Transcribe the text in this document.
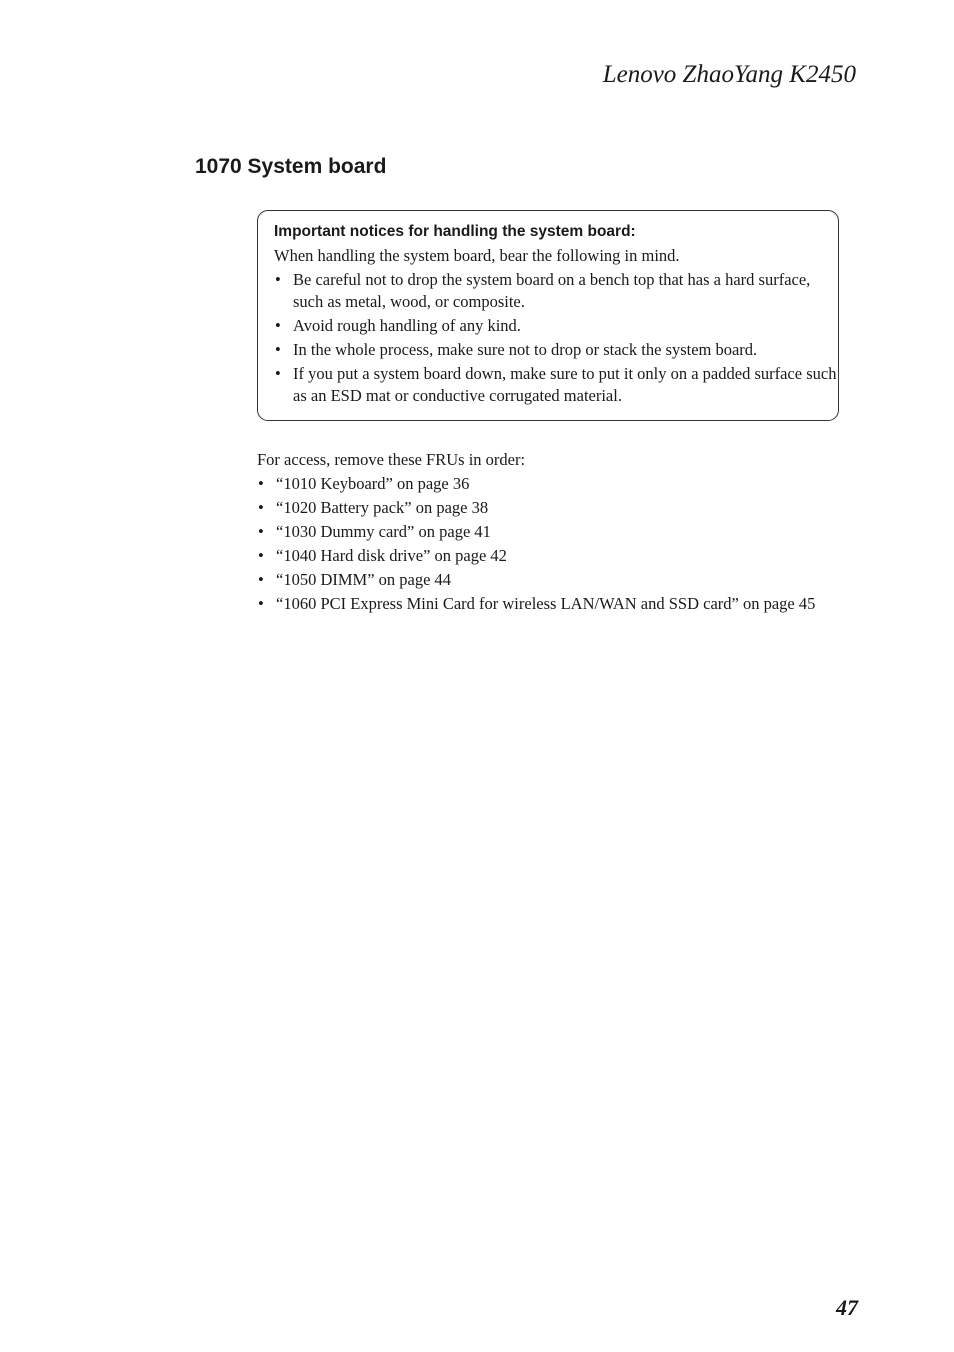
Lenovo ZhaoYang K2450
1070 System board
Important notices for handling the system board:
When handling the system board, bear the following in mind.
• Be careful not to drop the system board on a bench top that has a hard surface, such as metal, wood, or composite.
• Avoid rough handling of any kind.
• In the whole process, make sure not to drop or stack the system board.
• If you put a system board down, make sure to put it only on a padded surface such as an ESD mat or conductive corrugated material.
For access, remove these FRUs in order:
• “1010 Keyboard” on page 36
• “1020 Battery pack” on page 38
• “1030 Dummy card” on page 41
• “1040 Hard disk drive” on page 42
• “1050 DIMM” on page 44
• “1060 PCI Express Mini Card for wireless LAN/WAN and SSD card” on page 45
47
